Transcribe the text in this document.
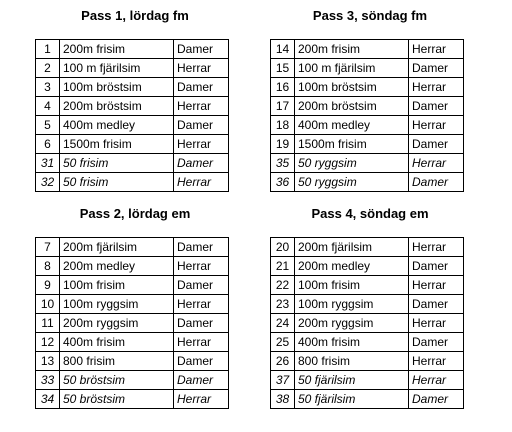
Pass 1, lördag fm
1	200m frisim	Damer
2	100 m fjärilsim	Herrar
3	100m bröstsim	Damer
4	200m bröstsim	Herrar
5	400m medley	Damer
6	1500m frisim	Herrar
31	50 frisim	Damer
32	50 frisim	Herrar
Pass 3, söndag fm
14	200m frisim	Herrar
15	100 m fjärilsim	Damer
16	100m bröstsim	Herrar
17	200m bröstsim	Damer
18	400m medley	Herrar
19	1500m frisim	Damer
35	50 ryggsim	Herrar
36	50 ryggsim	Damer
Pass 2, lördag em
7	200m fjärilsim	Damer
8	200m medley	Herrar
9	100m frisim	Damer
10	100m ryggsim	Herrar
11	200m ryggsim	Damer
12	400m frisim	Herrar
13	800 frisim	Damer
33	50 bröstsim	Damer
34	50 bröstsim	Herrar
Pass 4, söndag em
20	200m fjärilsim	Herrar
21	200m medley	Damer
22	100m frisim	Herrar
23	100m ryggsim	Damer
24	200m ryggsim	Herrar
25	400m frisim	Damer
26	800 frisim	Herrar
37	50 fjärilsim	Herrar
38	50 fjärilsim	Damer
